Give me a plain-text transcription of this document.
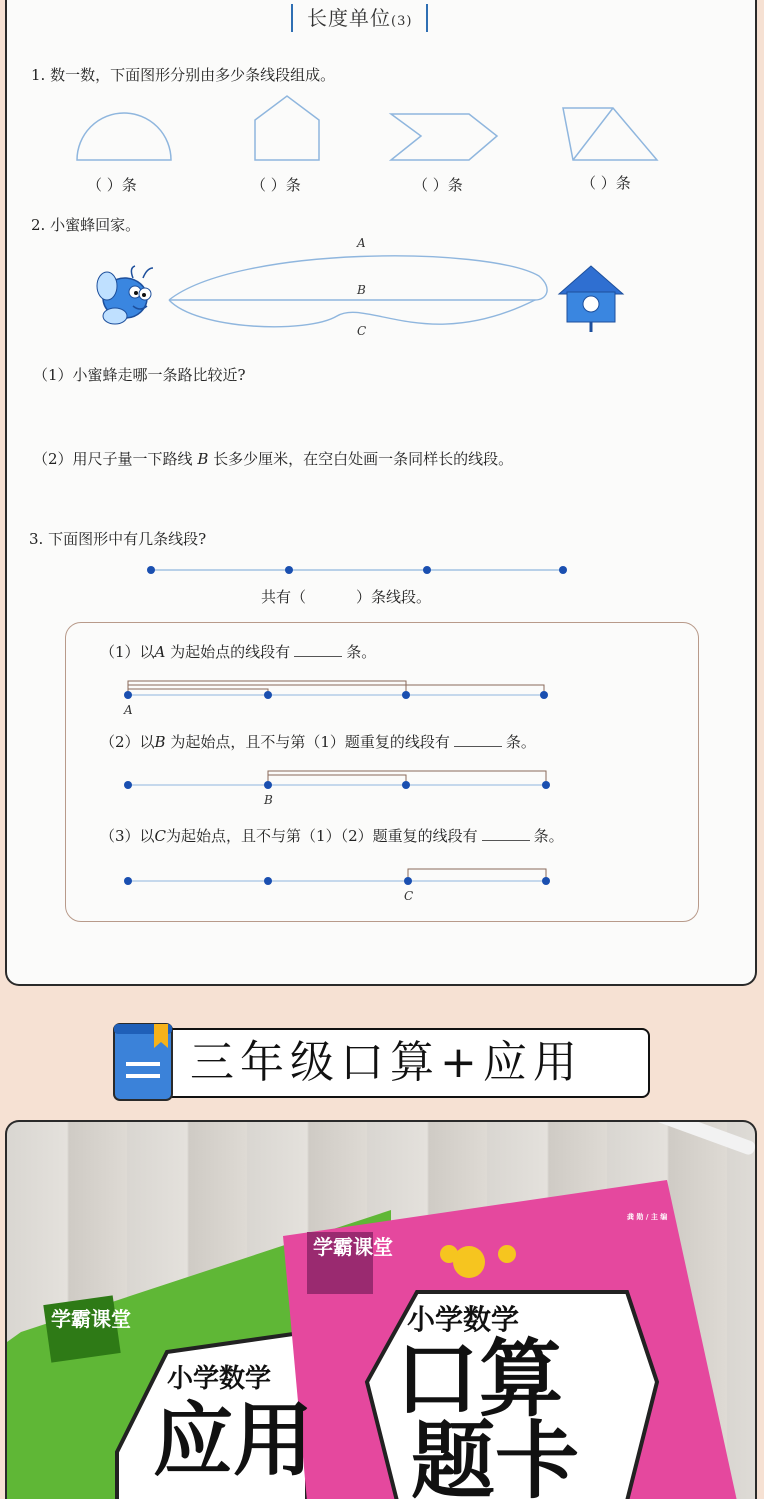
长度单位(3)
1. 数一数，下面图形分别由多少条线段组成。
（ ）条	（ ）条	（ ）条	（ ）条
2. 小蜜蜂回家。
A
B
C
（1）小蜜蜂走哪一条路比较近?
（2）用尺子量一下路线 B 长多少厘米，在空白处画一条同样长的线段。
3. 下面图形中有几条线段?
共有（	）条线段。
（1）以A 为起始点的线段有	条。
A
（2）以B 为起始点，且不与第（1）题重复的线段有	条。
B
（3）以C为起始点，且不与第（1）（2）题重复的线段有	条。
C
三年级口算+应用
学霸课堂
龚 勋 / 主 编
小学数学
口算
题卡
学霸课堂
小学数学
应用
